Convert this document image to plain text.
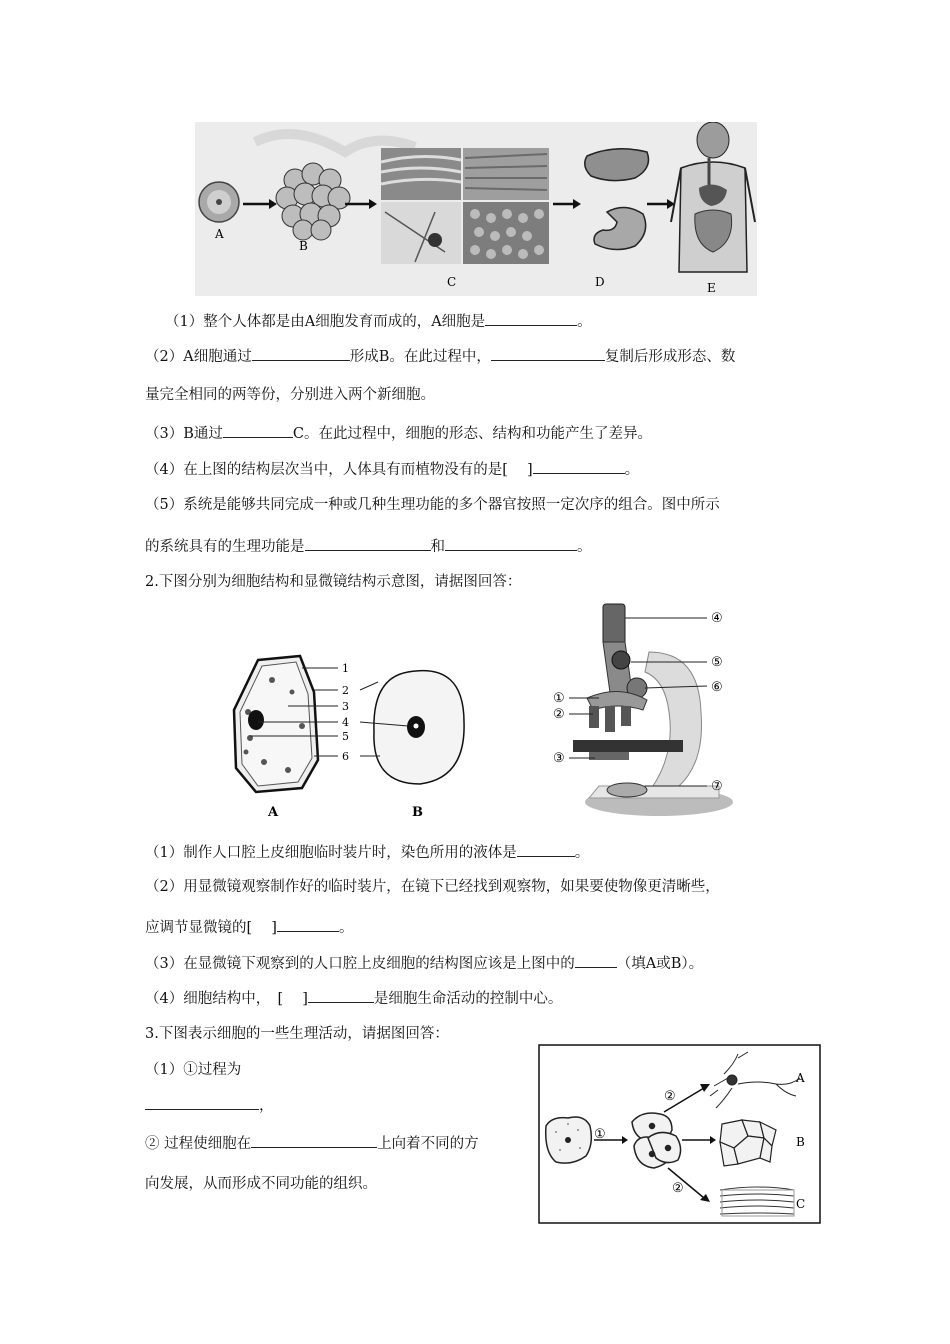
A
B
C	D	E
（1）整个人体都是由A细胞发育而成的，A细胞是	。
（2）A细胞通过	形成B。在此过程中，	复制后形成形态、数
量完全相同的两等份，分别进入两个新细胞。
（3）B通过	C。在此过程中，细胞的形态、结构和功能产生了差异。
（4）在上图的结构层次当中，人体具有而植物没有的是[　 ]	。
（5）系统是能够共同完成一种或几种生理功能的多个器官按照一定次序的组合。图中所示
的系统具有的生理功能是	和	。
2.下图分别为细胞结构和显微镜结构示意图，请据图回答：
1
2
3
4
5
6
A	B
④
⑤
⑥
①
②
③
⑦
（1）制作人口腔上皮细胞临时装片时，染色所用的液体是	。
（2）用显微镜观察制作好的临时装片，在镜下已经找到观察物，如果要使物像更清晰些，
应调节显微镜的[　 ]	。
（3）在显微镜下观察到的人口腔上皮细胞的结构图应该是上图中的	（填A或B）。
（4）细胞结构中，　[　 ]	是细胞生命活动的控制中心。
3.下图表示细胞的一些生理活动，请据图回答：
（1）①过程为
，
② 过程使细胞在	上向着不同的方
向发展，从而形成不同功能的组织。
①
②
②
A
B
C
